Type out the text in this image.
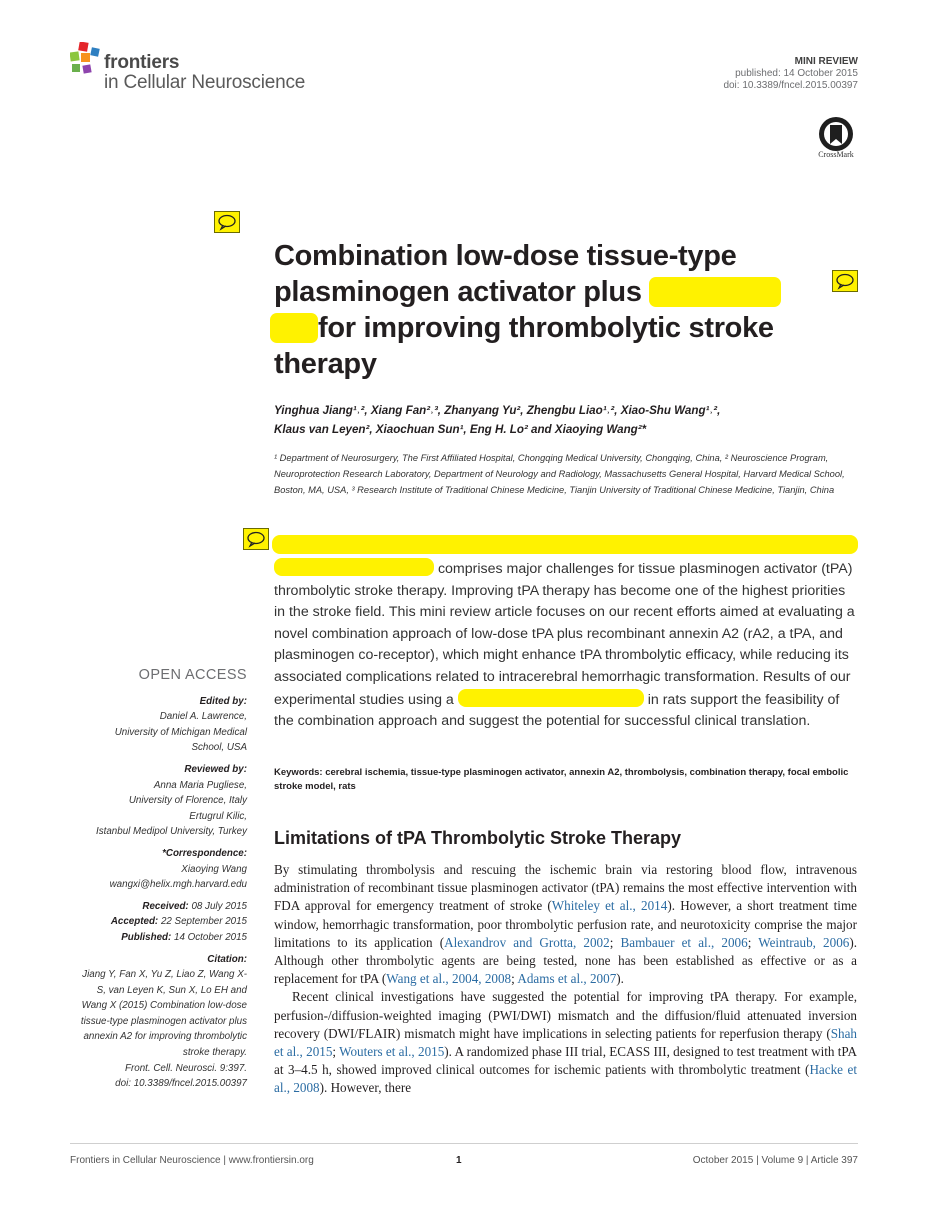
frontiers
in Cellular Neuroscience
MINI REVIEW
published: 14 October 2015
doi: 10.3389/fncel.2015.00397
CrossMark
Combination low-dose tissue-type
plasminogen activator plus
for improving thrombolytic stroke
therapy
Yinghua Jiang¹˒², Xiang Fan²˒³, Zhanyang Yu², Zhengbu Liao¹˒², Xiao-Shu Wang¹˒²,
Klaus van Leyen², Xiaochuan Sun¹, Eng H. Lo² and Xiaoying Wang²*
¹ Department of Neurosurgery, The First Affiliated Hospital, Chongqing Medical University, Chongqing, China, ² Neuroscience Program, Neuroprotection Research Laboratory, Department of Neurology and Radiology, Massachusetts General Hospital, Harvard Medical School, Boston, MA, USA, ³ Research Institute of Traditional Chinese Medicine, Tianjin University of Traditional Chinese Medicine, Tianjin, China
comprises major challenges for tissue plasminogen activator (tPA) thrombolytic stroke therapy. Improving tPA therapy has become one of the highest priorities in the stroke field. This mini review article focuses on our recent efforts aimed at evaluating a novel combination approach of low-dose tPA plus recombinant annexin A2 (rA2, a tPA, and plasminogen co-receptor), which might enhance tPA thrombolytic efficacy, while reducing its associated complications related to intracerebral hemorrhagic transformation. Results of our experimental studies using a	in rats support the feasibility of the combination approach and suggest the potential for successful clinical translation.
Keywords: cerebral ischemia, tissue-type plasminogen activator, annexin A2, thrombolysis, combination therapy, focal embolic stroke model, rats
Limitations of tPA Thrombolytic Stroke Therapy

By stimulating thrombolysis and rescuing the ischemic brain via restoring blood flow, intravenous administration of recombinant tissue plasminogen activator (tPA) remains the most effective intervention with FDA approval for emergency treatment of stroke (Whiteley et al., 2014). However, a short treatment time window, hemorrhagic transformation, poor thrombolytic perfusion rate, and neurotoxicity comprise the major limitations to its application (Alexandrov and Grotta, 2002; Bambauer et al., 2006; Weintraub, 2006). Although other thrombolytic agents are being tested, none has been established as effective or as a replacement for tPA (Wang et al., 2004, 2008; Adams et al., 2007).

Recent clinical investigations have suggested the potential for improving tPA therapy. For example, perfusion-/diffusion-weighted imaging (PWI/DWI) mismatch and the diffusion/fluid attenuated inversion recovery (DWI/FLAIR) mismatch might have implications in selecting patients for reperfusion therapy (Shah et al., 2015; Wouters et al., 2015). A randomized phase III trial, ECASS III, designed to test treatment with tPA at 3–4.5 h, showed improved clinical outcomes for ischemic patients with thrombolytic treatment (Hacke et al., 2008). However, there

OPEN ACCESS
Edited by:
Daniel A. Lawrence,
University of Michigan Medical School, USA
Reviewed by:
Anna Maria Pugliese,
University of Florence, Italy
Ertugrul Kilic,
Istanbul Medipol University, Turkey
*Correspondence:
Xiaoying Wang
wangxi@helix.mgh.harvard.edu
Received: 08 July 2015
Accepted: 22 September 2015
Published: 14 October 2015
Citation:
Jiang Y, Fan X, Yu Z, Liao Z, Wang X-S, van Leyen K, Sun X, Lo EH and Wang X (2015) Combination low-dose tissue-type plasminogen activator plus annexin A2 for improving thrombolytic stroke therapy.
Front. Cell. Neurosci. 9:397.
doi: 10.3389/fncel.2015.00397
Frontiers in Cellular Neuroscience | www.frontiersin.org	1	October 2015 | Volume 9 | Article 397
